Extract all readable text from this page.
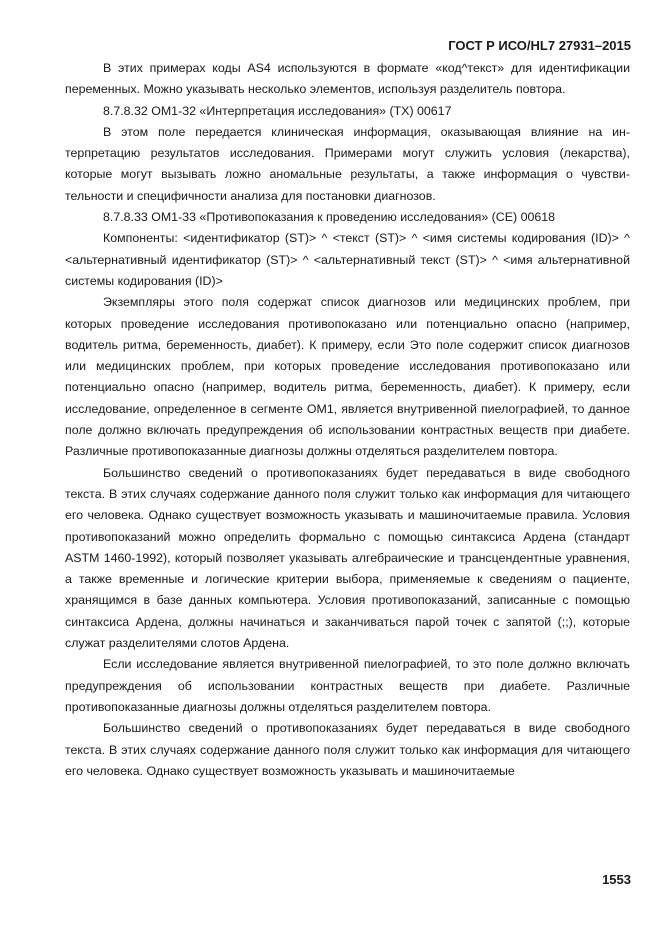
ГОСТ Р ИСО/HL7 27931–2015

В этих примерах коды AS4 используются в формате «код^текст» для идентификации переменных. Можно указывать несколько элементов, используя разделитель повтора.

8.7.8.32 OM1-32 «Интерпретация исследования» (TX) 00617

В этом поле передается клиническая информация, оказывающая влияние на интерпретацию результатов исследования. Примерами могут служить условия (лекарства), которые могут вызывать ложно аномальные результаты, а также информация о чувствительности и специфичности анализа для постановки диагнозов.

8.7.8.33 OM1-33 «Противопоказания к проведению исследования» (CE) 00618

Компоненты: <идентификатор (ST)> ^ <текст (ST)> ^ <имя системы кодирования (ID)> ^ <альтернативный идентификатор (ST)> ^ <альтернативный текст (ST)> ^ <имя альтернативной системы кодирования (ID)>

Экземпляры этого поля содержат список диагнозов или медицинских проблем, при которых проведение исследования противопоказано или потенциально опасно (например, водитель ритма, беременность, диабет). К примеру, если Это поле содержит список диагнозов или медицинских проблем, при которых проведение исследования противопоказано или потенциально опасно (например, водитель ритма, беременность, диабет). К примеру, если исследование, определенное в сегменте OM1, является внутривенной пиелографией, то данное поле должно включать предупреждения об использовании контрастных веществ при диабете. Различные противопоказанные диагнозы должны отделяться разделителем повтора.

Большинство сведений о противопоказаниях будет передаваться в виде свободного текста. В этих случаях содержание данного поля служит только как информация для читающего его человека. Однако существует возможность указывать и машиночитаемые правила. Условия противопоказаний можно определить формально с помощью синтаксиса Ардена (стандарт ASTM 1460-1992), который позволяет указывать алгебраические и трансцендентные уравнения, а также временные и логические критерии выбора, применяемые к сведениям о пациенте, хранящимся в базе данных компьютера. Условия противопоказаний, записанные с помощью синтаксиса Ардена, должны начинаться и заканчиваться парой точек с запятой (;;), которые служат разделителями слотов Ардена.

Если исследование является внутривенной пиелографией, то это поле должно включать предупреждения об использовании контрастных веществ при диабете. Различные противопоказанные диагнозы должны отделяться разделителем повтора.

Большинство сведений о противопоказаниях будет передаваться в виде свободного текста. В этих случаях содержание данного поля служит только как информация для читающего его человека. Однако существует возможность указывать и машиночитаемые

1553
